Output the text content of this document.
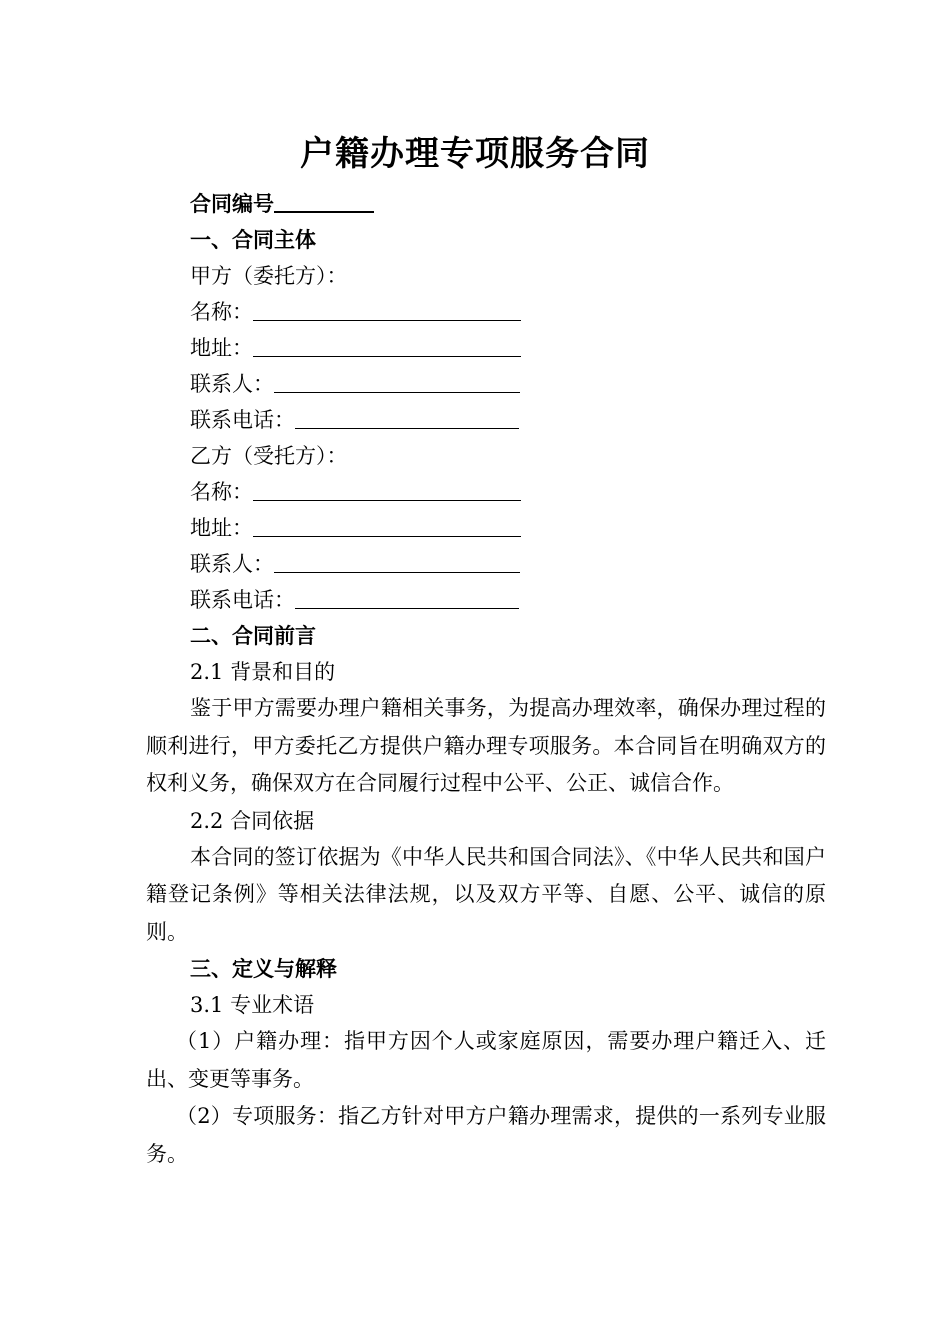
户籍办理专项服务合同
合同编号
一、合同主体
甲方（委托方）：
名称：
地址：
联系人：
联系电话：
乙方（受托方）：
名称：
地址：
联系人：
联系电话：
二、合同前言
2.1 背景和目的
鉴于甲方需要办理户籍相关事务，为提高办理效率，确保办理过程的顺利进行，甲方委托乙方提供户籍办理专项服务。本合同旨在明确双方的权利义务，确保双方在合同履行过程中公平、公正、诚信合作。
2.2 合同依据
本合同的签订依据为《中华人民共和国合同法》、《中华人民共和国户籍登记条例》等相关法律法规，以及双方平等、自愿、公平、诚信的原则。
三、定义与解释
3.1 专业术语
（1）户籍办理：指甲方因个人或家庭原因，需要办理户籍迁入、迁出、变更等事务。
（2）专项服务：指乙方针对甲方户籍办理需求，提供的一系列专业服务。
